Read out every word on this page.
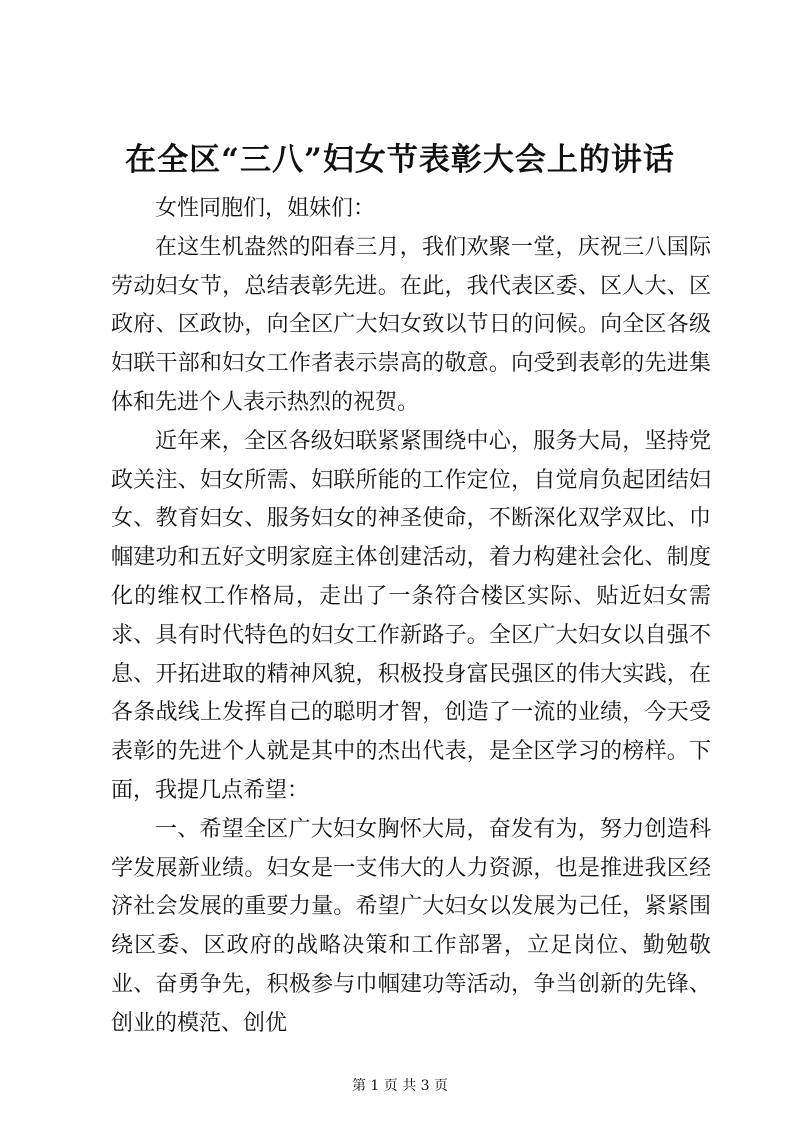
在全区“三八”妇女节表彰大会上的讲话

女性同胞们，姐妹们：

在这生机盎然的阳春三月，我们欢聚一堂，庆祝三八国际劳动妇女节，总结表彰先进。在此，我代表区委、区人大、区政府、区政协，向全区广大妇女致以节日的问候。向全区各级妇联干部和妇女工作者表示崇高的敬意。向受到表彰的先进集体和先进个人表示热烈的祝贺。

近年来，全区各级妇联紧紧围绕中心，服务大局，坚持党政关注、妇女所需、妇联所能的工作定位，自觉肩负起团结妇女、教育妇女、服务妇女的神圣使命，不断深化双学双比、巾帼建功和五好文明家庭主体创建活动，着力构建社会化、制度化的维权工作格局，走出了一条符合楼区实际、贴近妇女需求、具有时代特色的妇女工作新路子。全区广大妇女以自强不息、开拓进取的精神风貌，积极投身富民强区的伟大实践，在各条战线上发挥自己的聪明才智，创造了一流的业绩，今天受表彰的先进个人就是其中的杰出代表，是全区学习的榜样。下面，我提几点希望：

一、希望全区广大妇女胸怀大局，奋发有为，努力创造科学发展新业绩。妇女是一支伟大的人力资源，也是推进我区经济社会发展的重要力量。希望广大妇女以发展为己任，紧紧围绕区委、区政府的战略决策和工作部署，立足岗位、勤勉敬业、奋勇争先，积极参与巾帼建功等活动，争当创新的先锋、创业的模范、创优

第 1 页 共 3 页
